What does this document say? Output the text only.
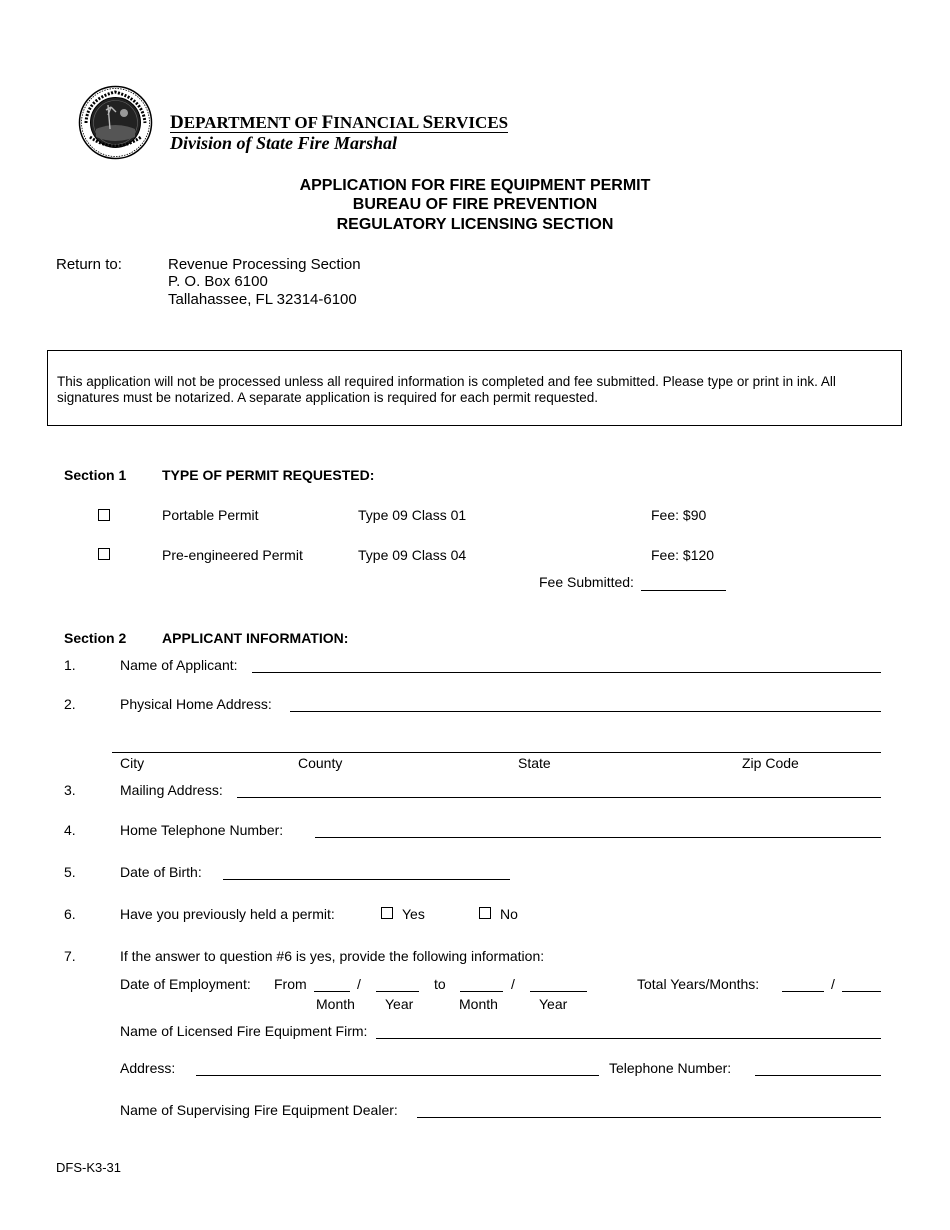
DEPARTMENT OF FINANCIAL SERVICES
Division of State Fire Marshal
APPLICATION FOR FIRE EQUIPMENT PERMIT
BUREAU OF FIRE PREVENTION
REGULATORY LICENSING SECTION
Return to:	Revenue Processing Section
P. O. Box 6100
Tallahassee, FL 32314-6100

This application will not be processed unless all required information is completed and fee submitted. Please type or print in ink. All signatures must be notarized. A separate application is required for each permit requested.

Section 1	TYPE OF PERMIT REQUESTED:
Portable Permit	Type 09 Class 01	Fee: $90
Pre-engineered Permit	Type 09 Class 04	Fee: $120
Fee Submitted:
Section 2	APPLICANT INFORMATION:
1.	Name of Applicant:
2.	Physical Home Address:
City	County	State	Zip Code
3.	Mailing Address:
4.	Home Telephone Number:
5.	Date of Birth:
6.	Have you previously held a permit:	Yes	No
7.	If the answer to question #6 is yes, provide the following information:
Date of Employment: From	/	to	/	Total Years/Months:	/
Month Year	Month	Year
Name of Licensed Fire Equipment Firm:
Address:	Telephone Number:
Name of Supervising Fire Equipment Dealer:
DFS-K3-31
